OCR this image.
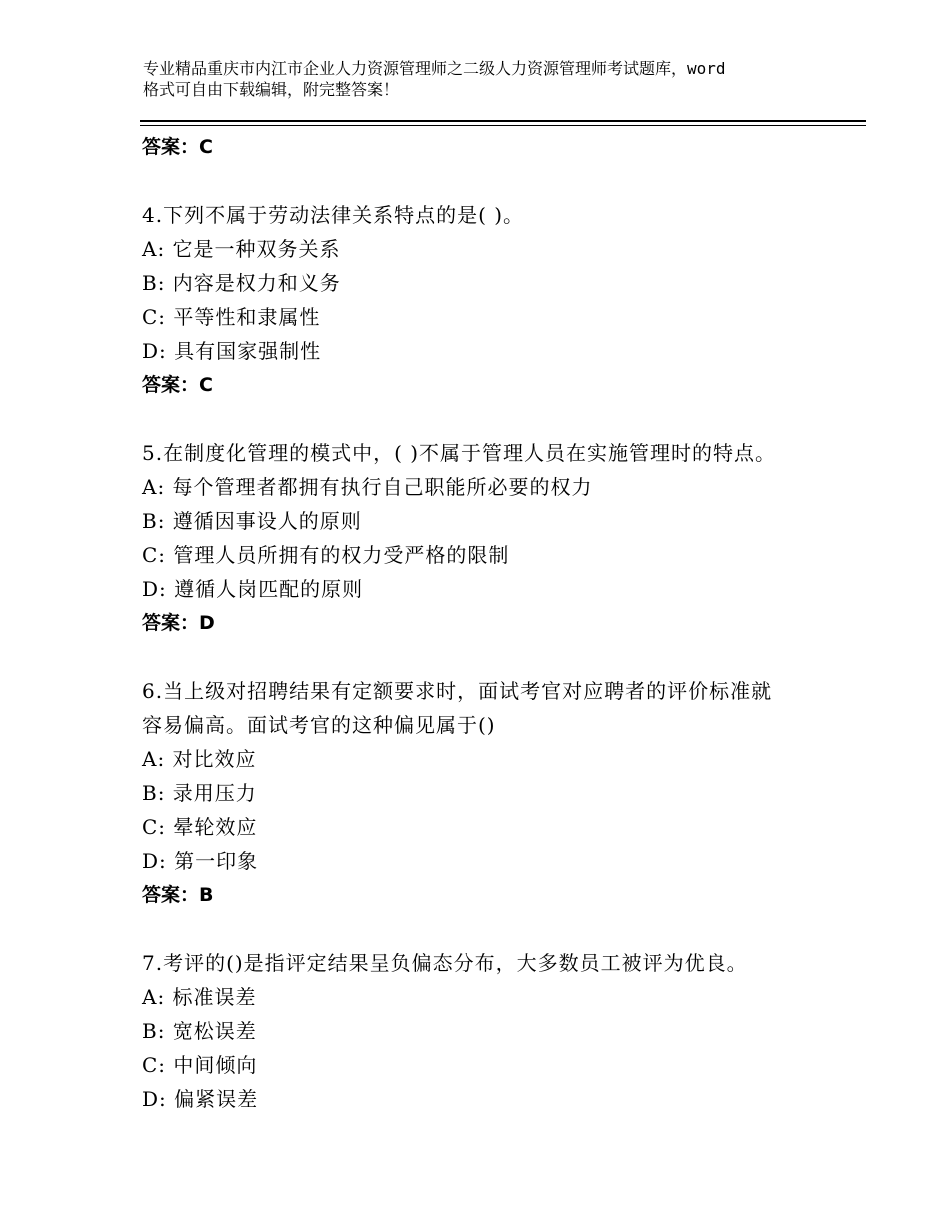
专业精品重庆市内江市企业人力资源管理师之二级人力资源管理师考试题库，word
格式可自由下载编辑，附完整答案！
答案：C
4.下列不属于劳动法律关系特点的是( )。
A: 它是一种双务关系
B: 内容是权力和义务
C: 平等性和隶属性
D: 具有国家强制性
答案：C
5.在制度化管理的模式中，( )不属于管理人员在实施管理时的特点。
A: 每个管理者都拥有执行自己职能所必要的权力
B: 遵循因事设人的原则
C: 管理人员所拥有的权力受严格的限制
D: 遵循人岗匹配的原则
答案：D
6.当上级对招聘结果有定额要求时，面试考官对应聘者的评价标准就
容易偏高。面试考官的这种偏见属于()
A: 对比效应
B: 录用压力
C: 晕轮效应
D: 第一印象
答案：B
7.考评的()是指评定结果呈负偏态分布，大多数员工被评为优良。
A: 标准误差
B: 宽松误差
C: 中间倾向
D: 偏紧误差
